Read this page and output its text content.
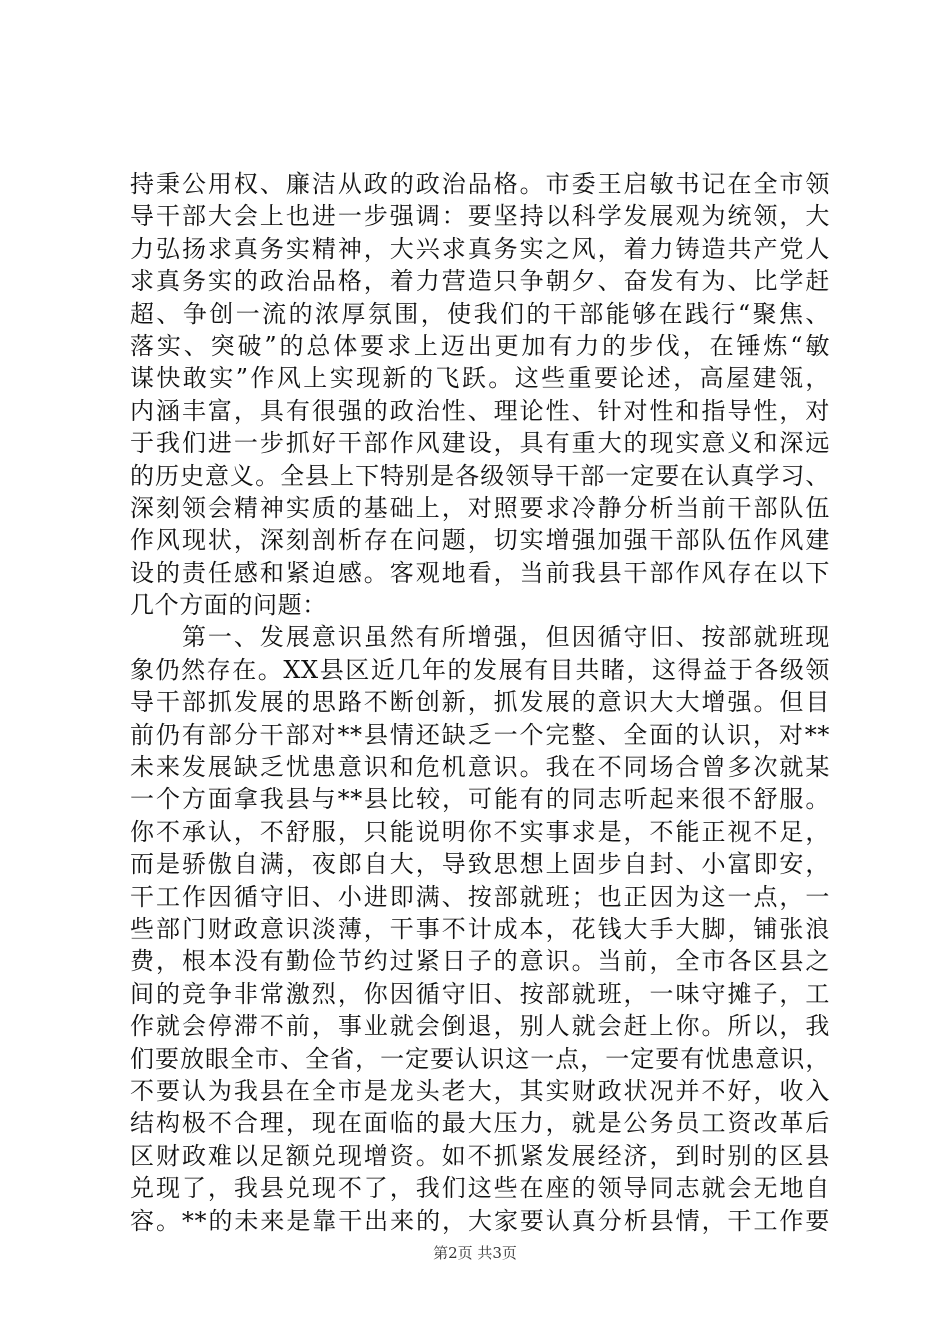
持秉公用权、廉洁从政的政治品格。市委王启敏书记在全市领
导干部大会上也进一步强调：要坚持以科学发展观为统领，大
力弘扬求真务实精神，大兴求真务实之风，着力铸造共产党人
求真务实的政治品格，着力营造只争朝夕、奋发有为、比学赶
超、争创一流的浓厚氛围，使我们的干部能够在践行“聚焦、
落实、突破”的总体要求上迈出更加有力的步伐，在锤炼“敏
谋快敢实”作风上实现新的飞跃。这些重要论述，高屋建瓴，
内涵丰富，具有很强的政治性、理论性、针对性和指导性，对
于我们进一步抓好干部作风建设，具有重大的现实意义和深远
的历史意义。全县上下特别是各级领导干部一定要在认真学习、
深刻领会精神实质的基础上，对照要求冷静分析当前干部队伍
作风现状，深刻剖析存在问题，切实增强加强干部队伍作风建
设的责任感和紧迫感。客观地看，当前我县干部作风存在以下
几个方面的问题：
　　第一、发展意识虽然有所增强，但因循守旧、按部就班现
象仍然存在。XX县区近几年的发展有目共睹，这得益于各级领
导干部抓发展的思路不断创新，抓发展的意识大大增强。但目
前仍有部分干部对**县情还缺乏一个完整、全面的认识，对**
未来发展缺乏忧患意识和危机意识。我在不同场合曾多次就某
一个方面拿我县与**县比较，可能有的同志听起来很不舒服。
你不承认，不舒服，只能说明你不实事求是，不能正视不足，
而是骄傲自满，夜郎自大，导致思想上固步自封、小富即安，
干工作因循守旧、小进即满、按部就班；也正因为这一点，一
些部门财政意识淡薄，干事不计成本，花钱大手大脚，铺张浪
费，根本没有勤俭节约过紧日子的意识。当前，全市各区县之
间的竞争非常激烈，你因循守旧、按部就班，一味守摊子，工
作就会停滞不前，事业就会倒退，别人就会赶上你。所以，我
们要放眼全市、全省，一定要认识这一点，一定要有忧患意识，
不要认为我县在全市是龙头老大，其实财政状况并不好，收入
结构极不合理，现在面临的最大压力，就是公务员工资改革后
区财政难以足额兑现增资。如不抓紧发展经济，到时别的区县
兑现了，我县兑现不了，我们这些在座的领导同志就会无地自
容。**的未来是靠干出来的，大家要认真分析县情，干工作要
第2页 共3页
